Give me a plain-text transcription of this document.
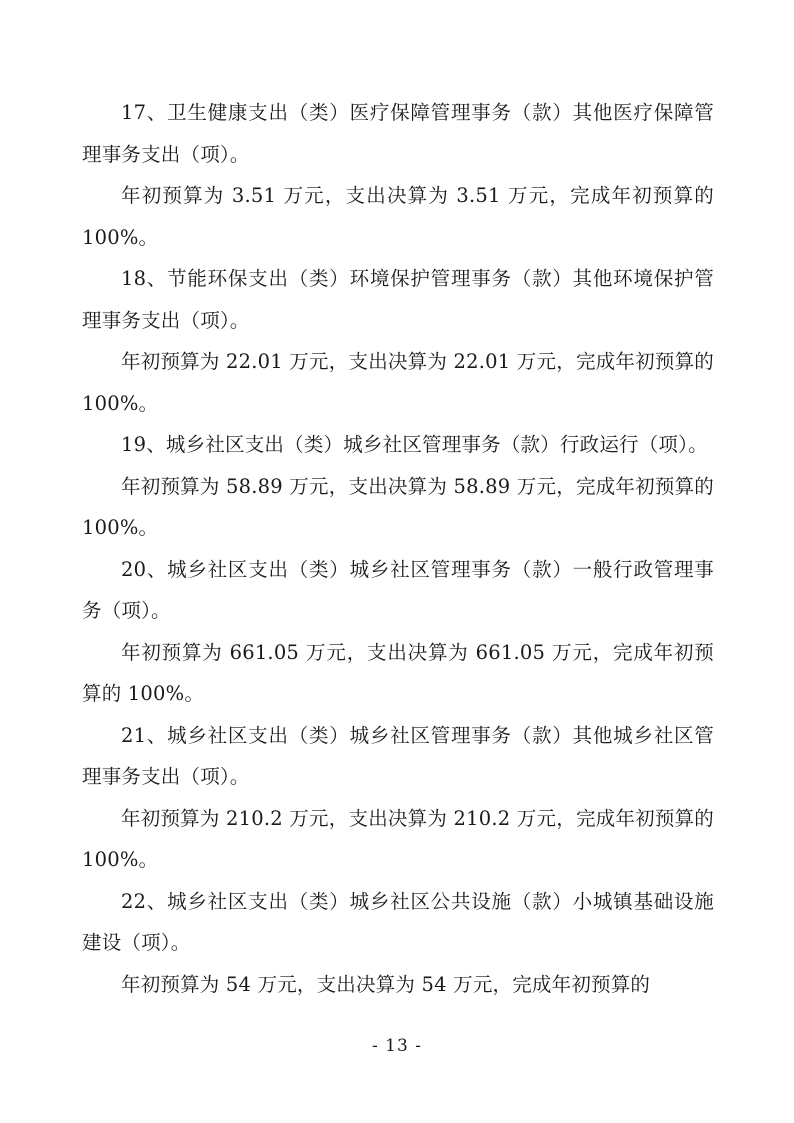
17、卫生健康支出（类）医疗保障管理事务（款）其他医疗保障管理事务支出（项）。

年初预算为 3.51 万元，支出决算为 3.51 万元，完成年初预算的 100%。

18、节能环保支出（类）环境保护管理事务（款）其他环境保护管理事务支出（项）。

年初预算为 22.01 万元，支出决算为 22.01 万元，完成年初预算的 100%。

19、城乡社区支出（类）城乡社区管理事务（款）行政运行（项）。

年初预算为 58.89 万元，支出决算为 58.89 万元，完成年初预算的 100%。

20、城乡社区支出（类）城乡社区管理事务（款）一般行政管理事务（项）。

年初预算为 661.05 万元，支出决算为 661.05 万元，完成年初预算的 100%。

21、城乡社区支出（类）城乡社区管理事务（款）其他城乡社区管理事务支出（项）。

年初预算为 210.2 万元，支出决算为 210.2 万元，完成年初预算的 100%。

22、城乡社区支出（类）城乡社区公共设施（款）小城镇基础设施建设（项）。

年初预算为 54 万元，支出决算为 54 万元，完成年初预算的

- 13 -
